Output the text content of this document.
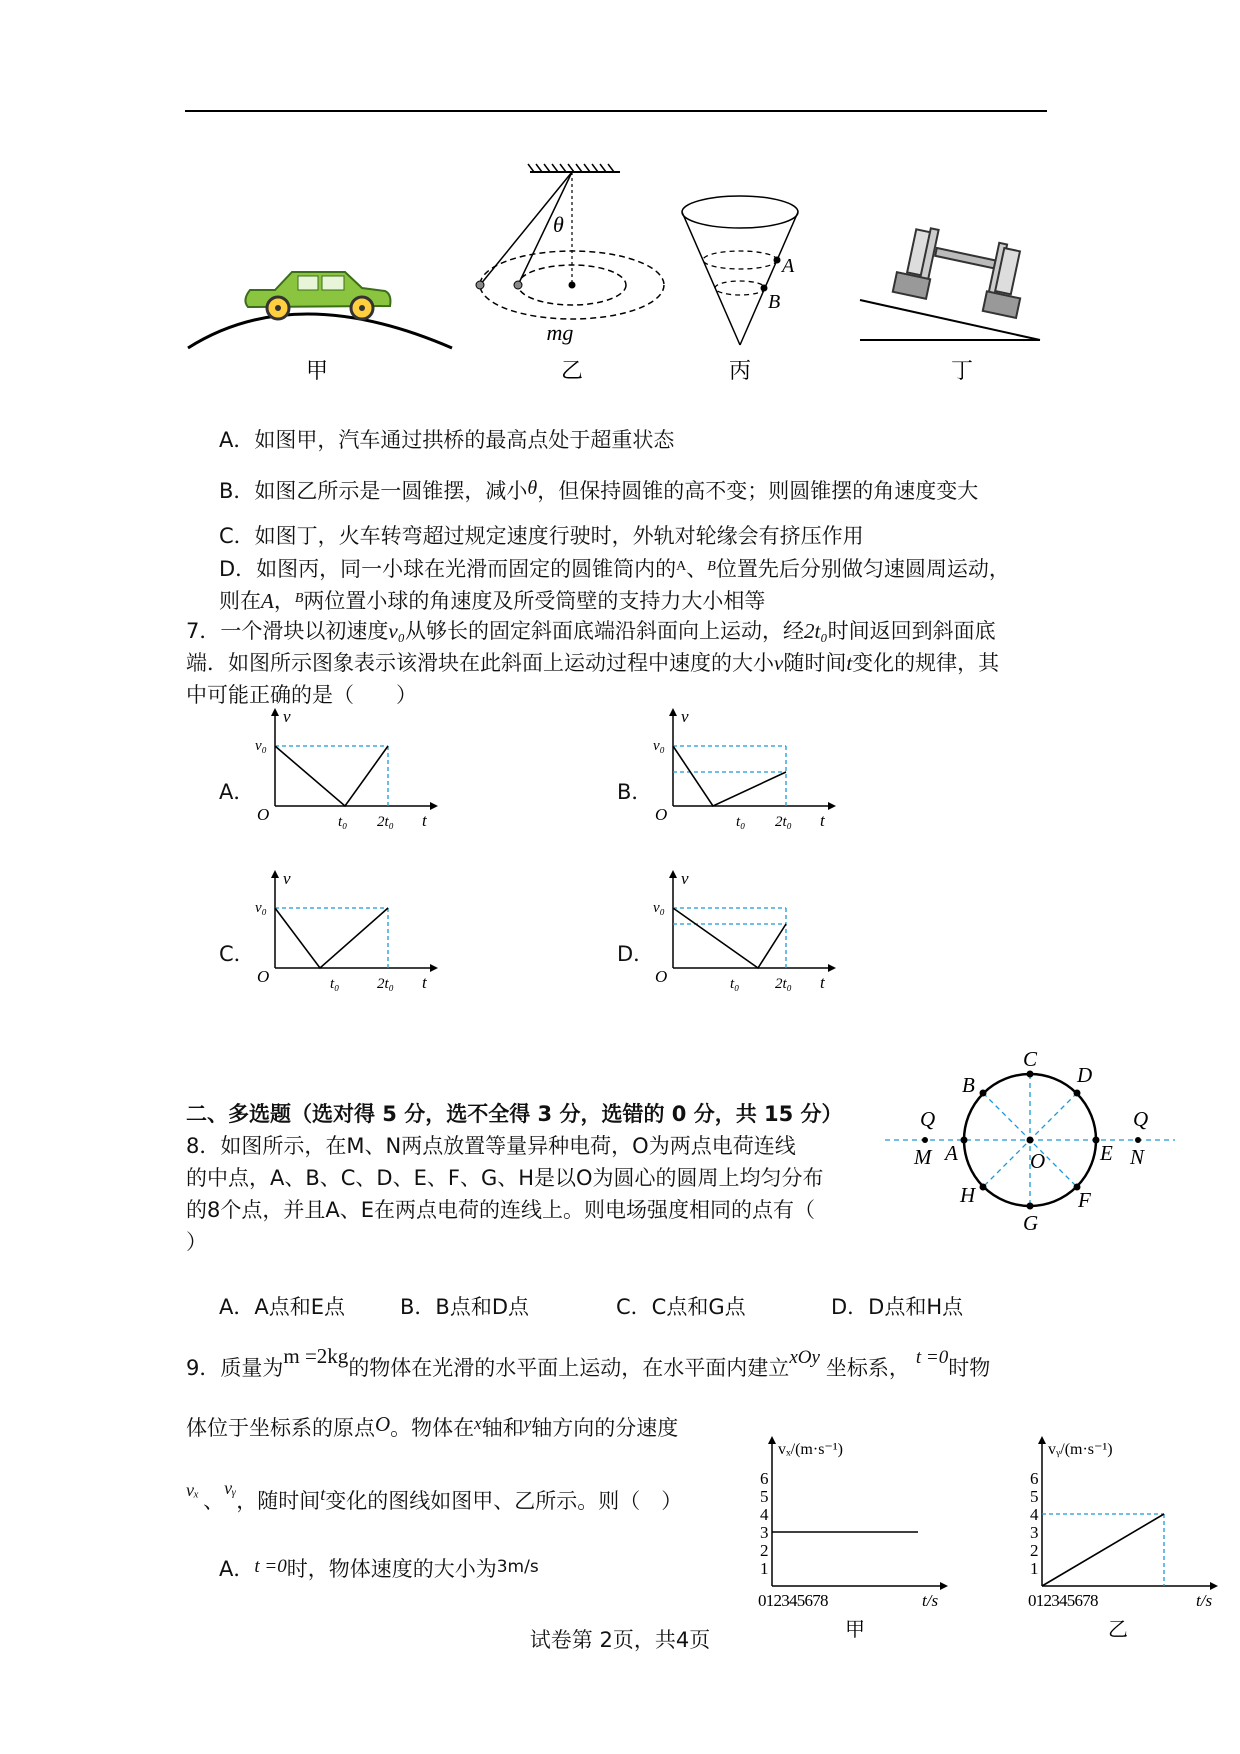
甲
θ
mg
乙
A
B
丙	丁
A．如图甲，汽车通过拱桥的最高点处于超重状态
B．如图乙所示是一圆锥摆，减小θ，但保持圆锥的高不变；则圆锥摆的角速度变大
C．如图丁，火车转弯超过规定速度行驶时，外轨对轮缘会有挤压作用
D．如图丙，同一小球在光滑而固定的圆锥筒内的$^A$、$^B$位置先后分别做匀速圆周运动，
则在A，$^B$两位置小球的角速度及所受筒壁的支持力大小相等
7．一个滑块以初速度v₀从够长的固定斜面底端沿斜面向上运动，经2t₀时间返回到斜面底
端．如图所示图象表示该滑块在此斜面上运动过程中速度的大小v随时间t变化的规律，其
中可能正确的是（　　）
A．	B．
C．	D．
v
v₀
O	t₀ 2t₀ t
v
v₀
O	t₀ 2t₀ t
v
v₀
O	t₀	2t₀ t
v
v₀
O	t₀ 2t₀ t
二、多选题（选对得 5 分，选不全得 3 分，选错的 0 分，共 15 分）
8．如图所示，在M、N两点放置等量异种电荷，O为两点电荷连线
的中点，A、B、C、D、E、F、G、H是以O为圆心的圆周上均匀分布
的8个点，并且A、E在两点电荷的连线上。则电场强度相同的点有（
）
C
D
B
Q	Q
M A	O	E N
H	F
G
A．A点和E点	B．B点和D点	C．C点和G点	D．D点和H点
9．质量为m =2kg的物体在光滑的水平面上运动，在水平面内建立xOy 坐标系， t =0时物
体位于坐标系的原点O。物体在$^x$轴和$^y$轴方向的分速度
vₓ 、vᵧ，随时间t变化的图线如图甲、乙所示。则（　）
A．t =0时，物体速度的大小为3m/s
vₓ/(m·s⁻¹)
1
2
3
4
5
6
0 1 2 3 4 5 6 7 8	t/s
甲
vᵧ/(m·s⁻¹)
1
2
3
4
5
6
0 1 2 3 4 5 6 7 8	t/s
乙
试卷第 2页，共4页
